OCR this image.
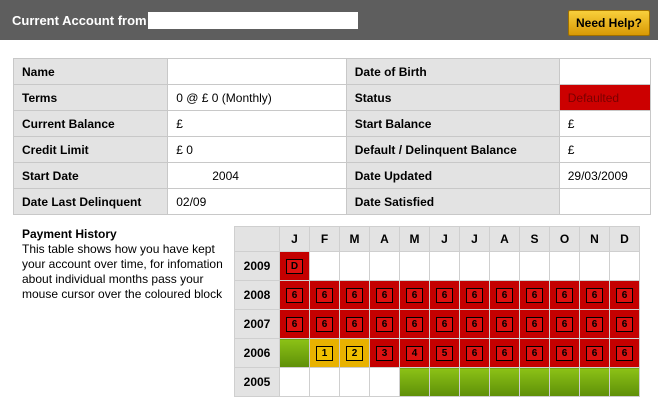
Current Account from	Need Help?
Name		Date of Birth	
Terms	0 @ £ 0 (Monthly)	Status	Defaulted
Current Balance	£	Start Balance	£
Credit Limit	£ 0	Default / Delinquent Balance	£
Start Date	2004	Date Updated	29/03/2009
Date Last Delinquent	02/09	Date Satisfied	
Payment History
This table shows how you have kept your account over time, for infomation about individual months pass your mouse cursor over the coloured block
	J	F	M	A	M	J	J	A	S	O	N	D
2009	D											
2008	6	6	6	6	6	6	6	6	6	6	6	6
2007	6	6	6	6	6	6	6	6	6	6	6	6
2006		1	2	3	4	5	6	6	6	6	6	6
2005												
